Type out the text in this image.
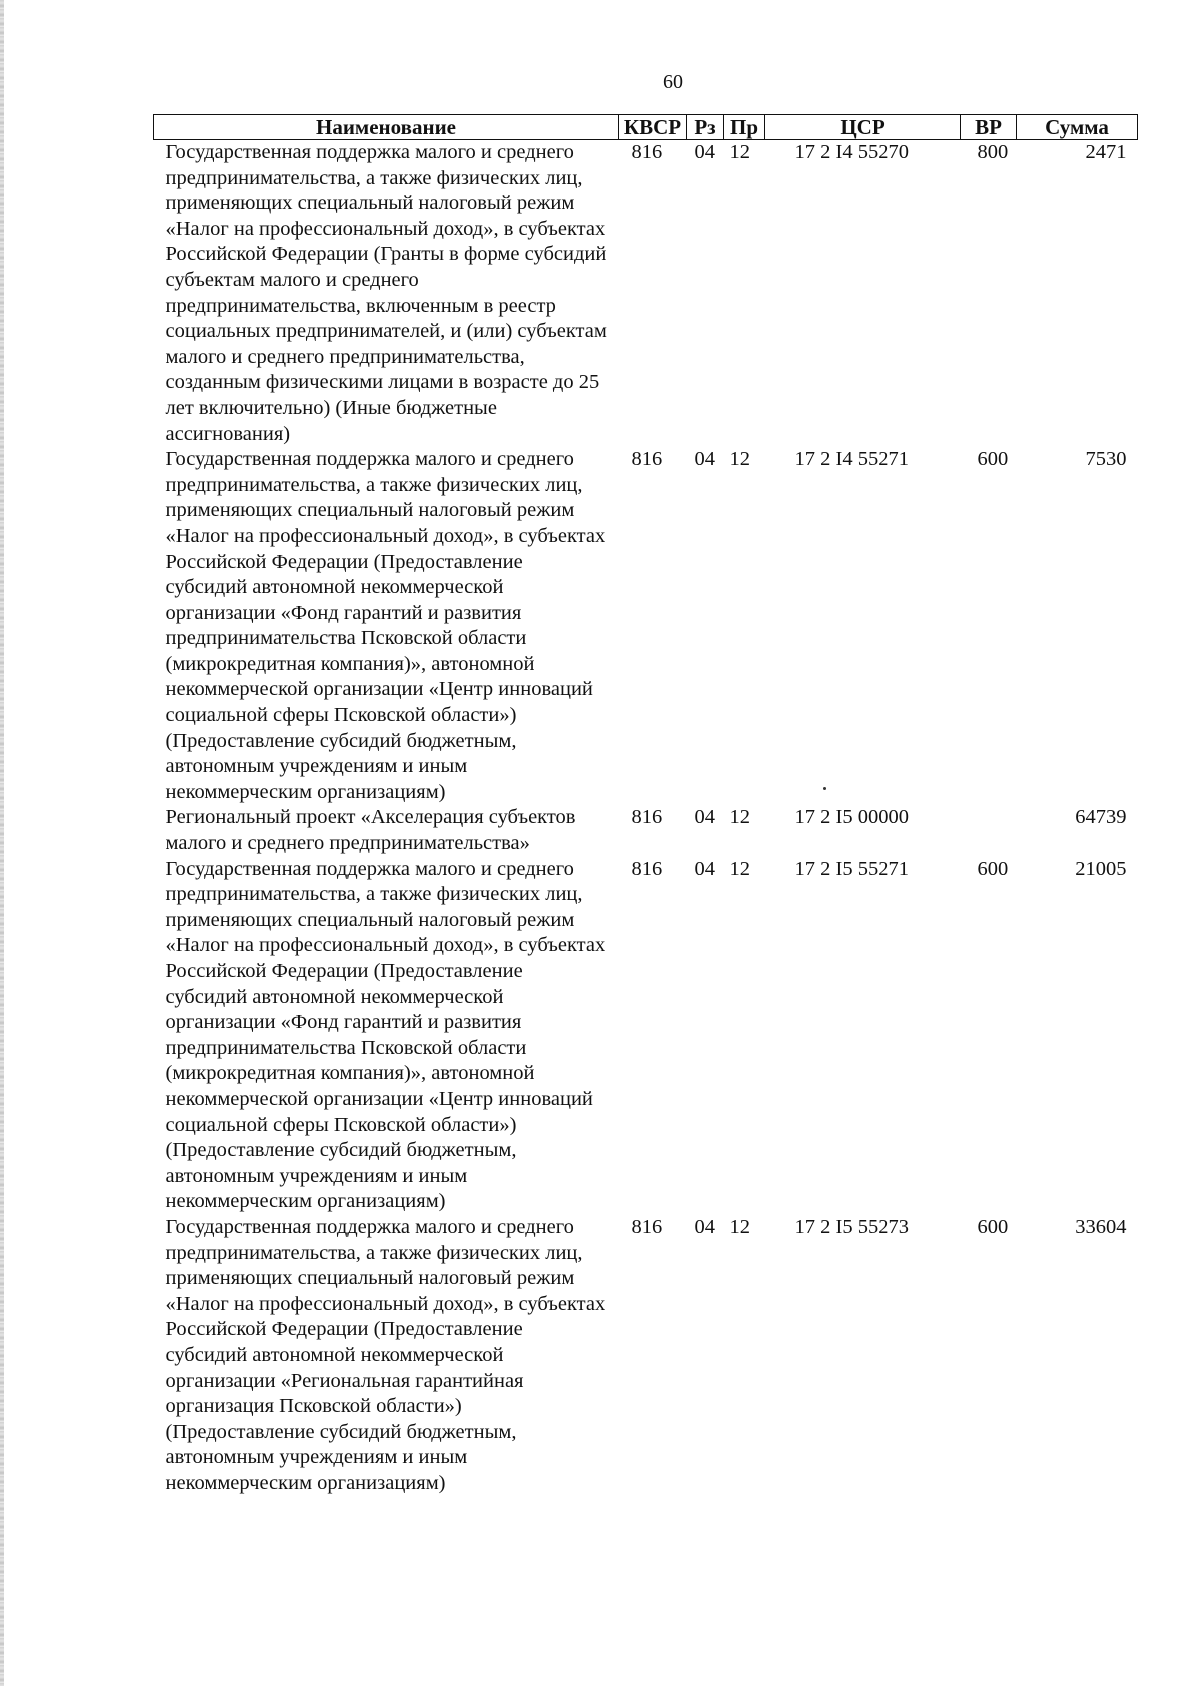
60
Наименование	КВСР	Рз	Пр	ЦСР	ВР	Сумма
Государственная поддержка малого и среднего предпринимательства, а также физических лиц, применяющих специальный налоговый режим «Налог на профессиональный доход», в субъектах Российской Федерации (Гранты в форме субсидий субъектам малого и среднего предпринимательства, включенным в реестр социальных предпринимателей, и (или) субъектам малого и среднего предпринимательства, созданным физическими лицами в возрасте до 25 лет включительно) (Иные бюджетные ассигнования)	816	04	12	17 2 I4 55270	800	2471
Государственная поддержка малого и среднего предпринимательства, а также физических лиц, применяющих специальный налоговый режим «Налог на профессиональный доход», в субъектах Российской Федерации (Предоставление субсидий автономной некоммерческой организации «Фонд гарантий и развития предпринимательства Псковской области (микрокредитная компания)», автономной некоммерческой организации «Центр инноваций социальной сферы Псковской области») (Предоставление субсидий бюджетным, автономным учреждениям и иным некоммерческим организациям)	816	04	12	17 2 I4 55271	600	7530
Региональный проект «Акселерация субъектов малого и среднего предпринимательства»	816	04	12	17 2 I5 00000		64739
Государственная поддержка малого и среднего предпринимательства, а также физических лиц, применяющих специальный налоговый режим «Налог на профессиональный доход», в субъектах Российской Федерации (Предоставление субсидий автономной некоммерческой организации «Фонд гарантий и развития предпринимательства Псковской области (микрокредитная компания)», автономной некоммерческой организации «Центр инноваций социальной сферы Псковской области») (Предоставление субсидий бюджетным, автономным учреждениям и иным некоммерческим организациям)	816	04	12	17 2 I5 55271	600	21005
Государственная поддержка малого и среднего предпринимательства, а также физических лиц, применяющих специальный налоговый режим «Налог на профессиональный доход», в субъектах Российской Федерации (Предоставление субсидий автономной некоммерческой организации «Региональная гарантийная организация Псковской области») (Предоставление субсидий бюджетным, автономным учреждениям и иным некоммерческим организациям)	816	04	12	17 2 I5 55273	600	33604
